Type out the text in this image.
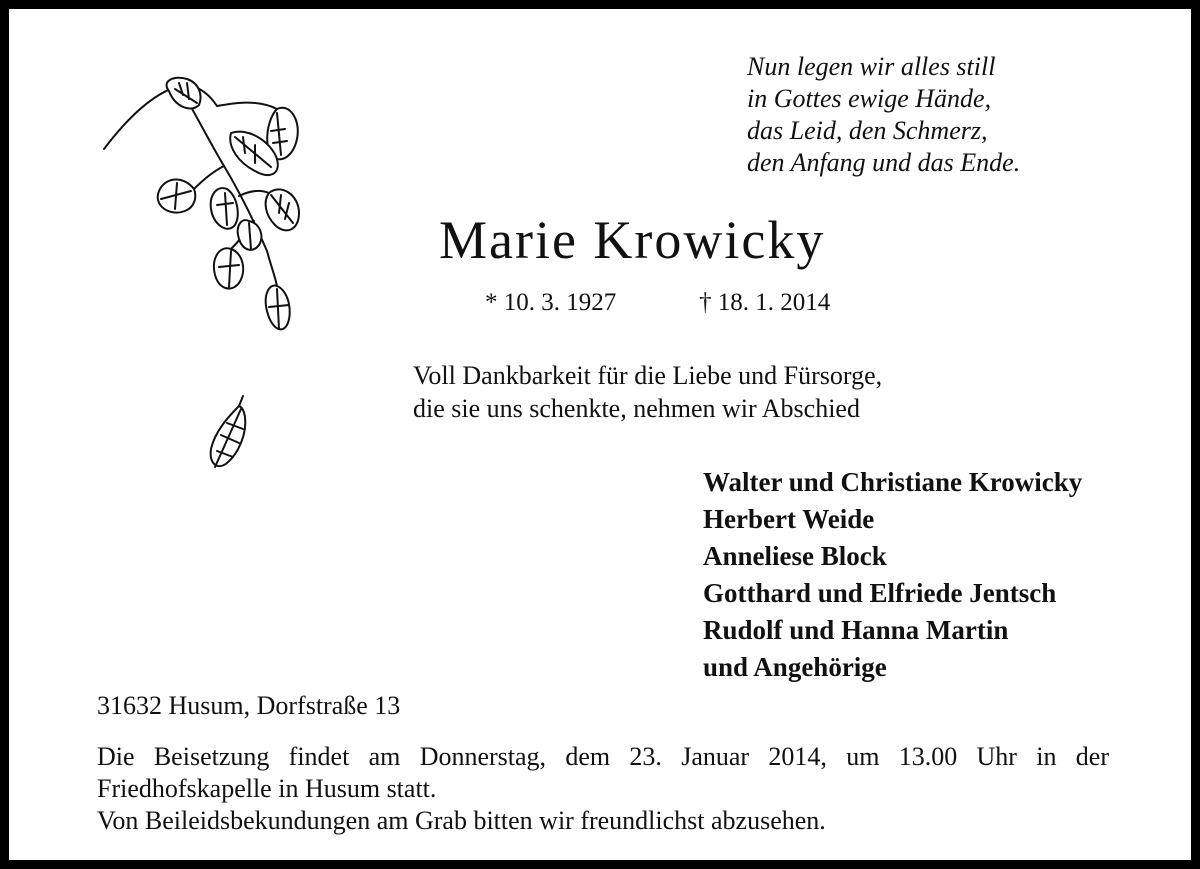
Nun legen wir alles still
in Gottes ewige Hände,
das Leid, den Schmerz,
den Anfang und das Ende.
Marie Krowicky
* 10. 3. 1927	† 18. 1. 2014
Voll Dankbarkeit für die Liebe und Fürsorge,
die sie uns schenkte, nehmen wir Abschied
Walter und Christiane Krowicky
Herbert Weide
Anneliese Block
Gotthard und Elfriede Jentsch
Rudolf und Hanna Martin
und Angehörige
31632 Husum, Dorfstraße 13
Die Beisetzung findet am Donnerstag, dem 23. Januar 2014, um 13.00 Uhr in der
Friedhofskapelle in Husum statt.
Von Beileidsbekundungen am Grab bitten wir freundlichst abzusehen.
